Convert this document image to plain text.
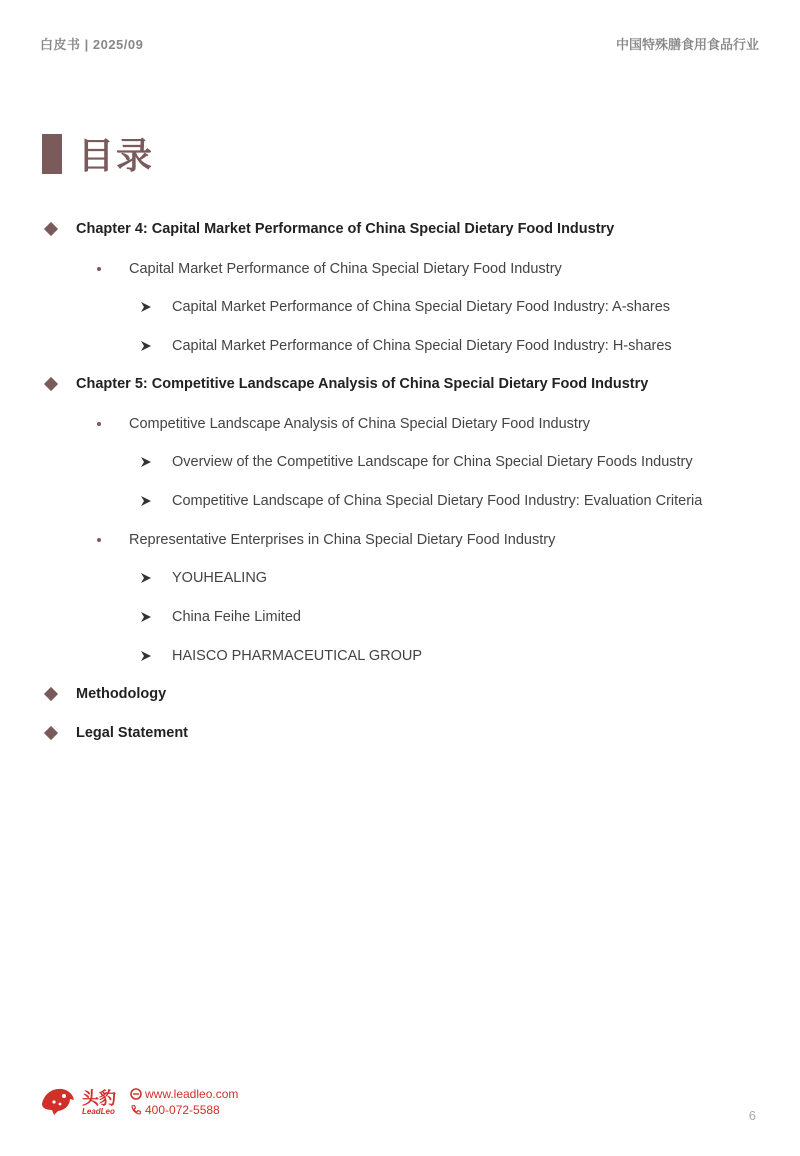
白皮书 | 2025/09	中国特殊膳食用食品行业
目录
Chapter 4: Capital Market Performance of China Special Dietary Food Industry
Capital Market Performance of China Special Dietary Food Industry
Capital Market Performance of China Special Dietary Food Industry: A-shares
Capital Market Performance of China Special Dietary Food Industry: H-shares
Chapter 5: Competitive Landscape Analysis of China Special Dietary Food Industry
Competitive Landscape Analysis of China Special Dietary Food Industry
Overview of the Competitive Landscape for China Special Dietary Foods Industry
Competitive Landscape of China Special Dietary Food Industry: Evaluation Criteria
Representative Enterprises in China Special Dietary Food Industry
YOUHEALING
China Feihe Limited
HAISCO PHARMACEUTICAL GROUP
Methodology
Legal Statement
头豹
LeadLeo
www.leadleo.com
400-072-5588	6
